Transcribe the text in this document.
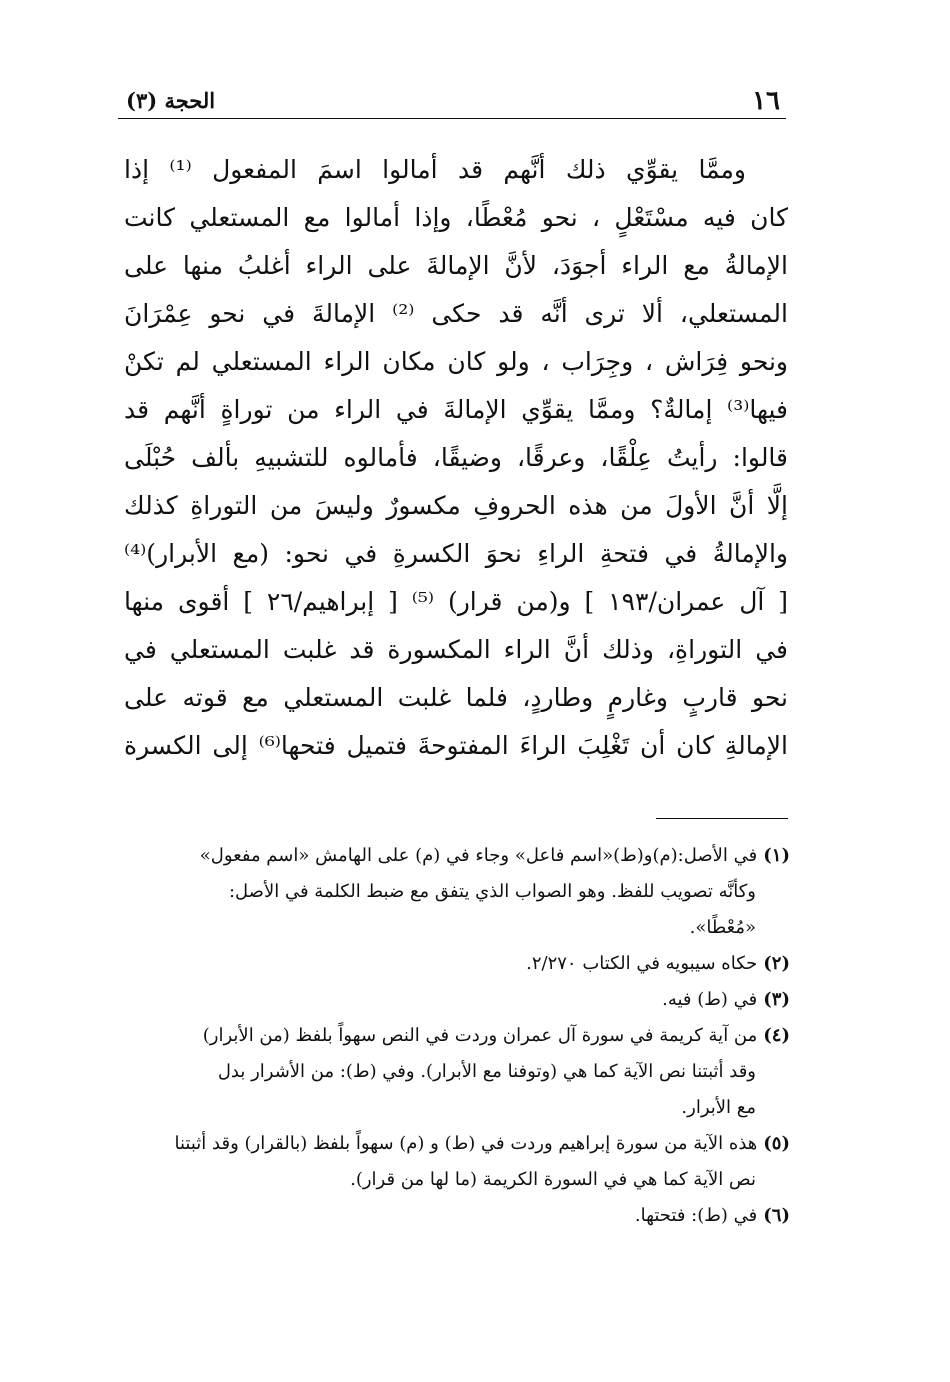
١٦
الحجة (٣)
وممَّا يقوِّي ذلك أنَّهم قد أمالوا اسمَ المفعول ⁽¹⁾ إذا
كان فيه مسْتَعْلٍ ، نحو مُعْطًا، وإذا أمالوا مع المستعلي كانت
الإمالةُ مع الراء أجوَدَ، لأنَّ الإمالةَ على الراء أغلبُ منها على
المستعلي، ألا ترى أنَّه قد حكى ⁽²⁾ الإمالةَ في نحو عِمْرَانَ
ونحو فِرَاش ، وجِرَاب ، ولو كان مكان الراء المستعلي لم تكنْ
فيها⁽³⁾ إمالةٌ؟ وممَّا يقوِّي الإمالةَ في الراء من توراةٍ أنَّهم قد
قالوا: رأيتُ عِلْقًا، وعرقًا، وضيقًا، فأمالوه للتشبيهِ بألف حُبْلَى
إلَّا أنَّ الأولَ من هذه الحروفِ مكسورٌ وليسَ من التوراةِ كذلك
والإمالةُ في فتحةِ الراءِ نحوَ الكسرةِ في نحو: (مع الأبرار)⁽⁴⁾
[ آل عمران/١٩٣ ] و(من قرار) ⁽⁵⁾ [ إبراهيم/٢٦ ] أقوى منها
في التوراةِ، وذلك أنَّ الراء المكسورة قد غلبت المستعلي في
نحو قاربٍ وغارمٍ وطاردٍ، فلما غلبت المستعلي مع قوته على
الإمالةِ كان أن تَغْلِبَ الراءَ المفتوحةَ فتميل فتحها⁽⁶⁾ إلى الكسرة
(١)في الأصل:(م)و(ط)«اسم فاعل» وجاء في (م) على الهامش «اسم مفعول»
وكأنَّه تصويب للفظ. وهو الصواب الذي يتفق مع ضبط الكلمة في الأصل:
«مُعْطًا».
(٢)حكاه سيبويه في الكتاب ٢/٢٧٠.
(٣)في (ط) فيه.
(٤)من آية كريمة في سورة آل عمران وردت في النص سهواً بلفظ (من الأبرار)
وقد أثبتنا نص الآية كما هي (وتوفنا مع الأبرار). وفي (ط): من الأشرار بدل
مع الأبرار.
(٥)هذه الآية من سورة إبراهيم وردت في (ط) و (م) سهواً بلفظ (بالقرار) وقد أثبتنا
نص الآية كما هي في السورة الكريمة (ما لها من قرار).
(٦)في (ط): فتحتها.
